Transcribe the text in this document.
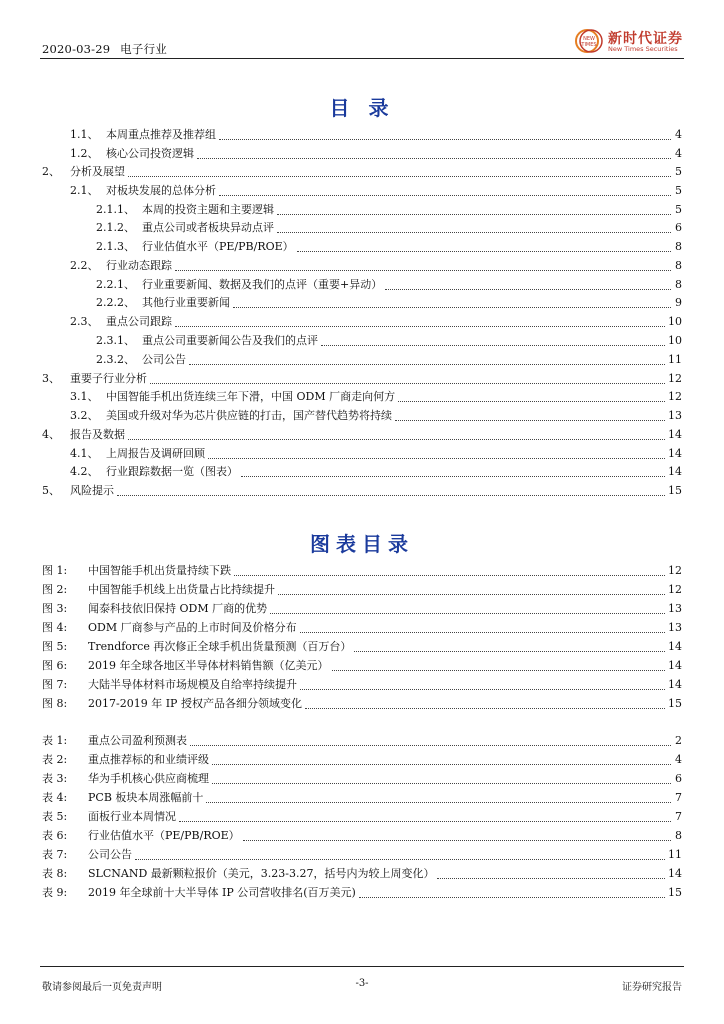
2020-03-29 电子行业
NEW
TIMES 新时代证券
New Times Securities
目 录
图表目录
1.1、 本周重点推荐及推荐组	4
1.2、 核心公司投资逻辑	4
2、 分析及展望	5
2.1、 对板块发展的总体分析	5
2.1.1、 本周的投资主题和主要逻辑	5
2.1.2、 重点公司或者板块异动点评	6
2.1.3、 行业估值水平（PE/PB/ROE）	8
2.2、 行业动态跟踪	8
2.2.1、 行业重要新闻、数据及我们的点评（重要+异动）	8
2.2.2、 其他行业重要新闻	9
2.3、 重点公司跟踪	10
2.3.1、 重点公司重要新闻公告及我们的点评	10
2.3.2、 公司公告	11
3、 重要子行业分析	12
3.1、 中国智能手机出货连续三年下滑，中国 ODM 厂商走向何方	12
3.2、 美国或升级对华为芯片供应链的打击，国产替代趋势将持续	13
4、 报告及数据	14
4.1、 上周报告及调研回顾	14
4.2、 行业跟踪数据一览（图表）	14
5、 风险提示	15
图 1:	中国智能手机出货量持续下跌	12
图 2:	中国智能手机线上出货量占比持续提升	12
图 3:	闻泰科技依旧保持 ODM 厂商的优势	13
图 4:	ODM 厂商参与产品的上市时间及价格分布	13
图 5:	Trendforce 再次修正全球手机出货量预测（百万台）	14
图 6:	2019 年全球各地区半导体材料销售额（亿美元）	14
图 7:	大陆半导体材料市场规模及自给率持续提升	14
图 8:	2017-2019 年 IP 授权产品各细分领域变化	15
表 1:	重点公司盈利预测表	2
表 2:	重点推荐标的和业绩评级	4
表 3:	华为手机核心供应商梳理	6
表 4:	PCB 板块本周涨幅前十	7
表 5:	面板行业本周情况	7
表 6:	行业估值水平（PE/PB/ROE）	8
表 7:	公司公告	11
表 8:	SLCNAND 最新颗粒报价（美元，3.23-3.27，括号内为较上周变化）	14
表 9:	2019 年全球前十大半导体 IP 公司营收排名(百万美元)	15
敬请参阅最后一页免责声明	-3-	证券研究报告
